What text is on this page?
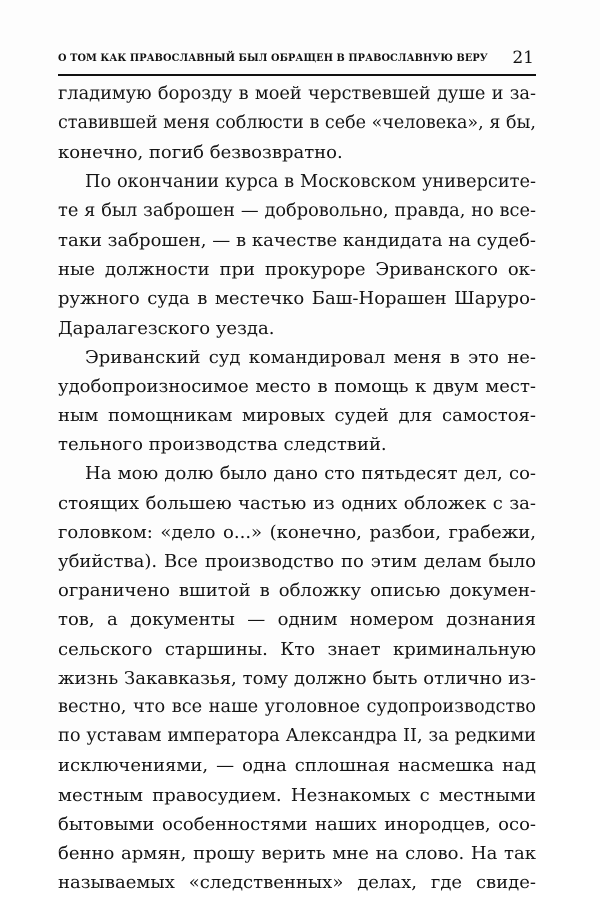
О ТОМ КАК ПРАВОСЛАВНЫЙ БЫЛ ОБРАЩЕН В ПРАВОСЛАВНУЮ ВЕРУ 21
гладимую борозду в моей черствевшей душе и за-
ставившей меня соблюсти в себе «человека», я бы,
конечно, погиб безвозвратно.
По окончании курса в Московском университе-
те я был заброшен — добровольно, правда, но все-
таки заброшен, — в качестве кандидата на судеб-
ные должности при прокуроре Эриванского ок-
ружного суда в местечко Баш-Норашен Шаруро-
Даралагезского уезда.
Эриванский суд командировал меня в это не-
удобопроизносимое место в помощь к двум мест-
ным помощникам мировых судей для самостоя-
тельного производства следствий.
На мою долю было дано сто пятьдесят дел, со-
стоящих большею частью из одних обложек с за-
головком: «дело о...» (конечно, разбои, грабежи,
убийства). Все производство по этим делам было
ограничено вшитой в обложку описью докумен-
тов, а документы — одним номером дознания
сельского старшины. Кто знает криминальную
жизнь Закавказья, тому должно быть отлично из-
вестно, что все наше уголовное судопроизводство
по уставам императора Александра II, за редкими
исключениями, — одна сплошная насмешка над
местным правосудием. Незнакомых с местными
бытовыми особенностями наших инородцев, осо-
бенно армян, прошу верить мне на слово. На так
называемых «следственных» делах, где свиде-
